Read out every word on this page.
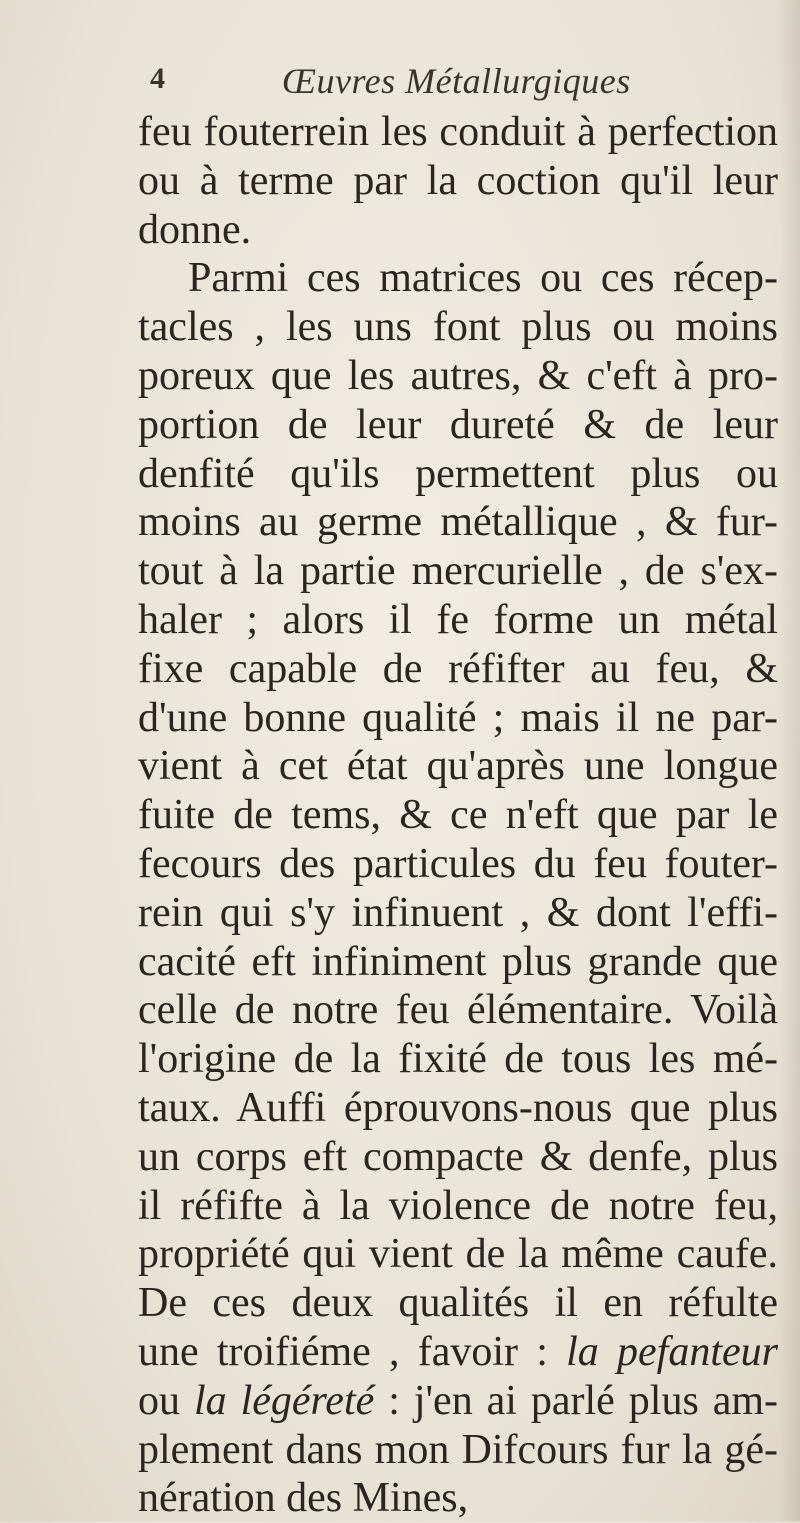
4	Œuvres Métallurgiques
feu fouterrein les conduit à perfection
ou à terme par la coction qu'il leur
donne.
Parmi ces matrices ou ces récep-
tacles , les uns font plus ou moins
poreux que les autres, & c'eft à pro-
portion de leur dureté & de leur
denfité qu'ils permettent plus ou
moins au germe métallique , & fur-
tout à la partie mercurielle , de s'ex-
haler ; alors il fe forme un métal
fixe capable de réfifter au feu, &
d'une bonne qualité ; mais il ne par-
vient à cet état qu'après une longue
fuite de tems, & ce n'eft que par le
fecours des particules du feu fouter-
rein qui s'y infinuent , & dont l'effi-
cacité eft infiniment plus grande que
celle de notre feu élémentaire. Voilà
l'origine de la fixité de tous les mé-
taux. Auffi éprouvons-nous que plus
un corps eft compacte & denfe, plus
il réfifte à la violence de notre feu,
propriété qui vient de la même caufe.
De ces deux qualités il en réfulte
une troifiéme , favoir : la pefanteur
ou la légéreté : j'en ai parlé plus am-
plement dans mon Difcours fur la gé-
nération des Mines,
